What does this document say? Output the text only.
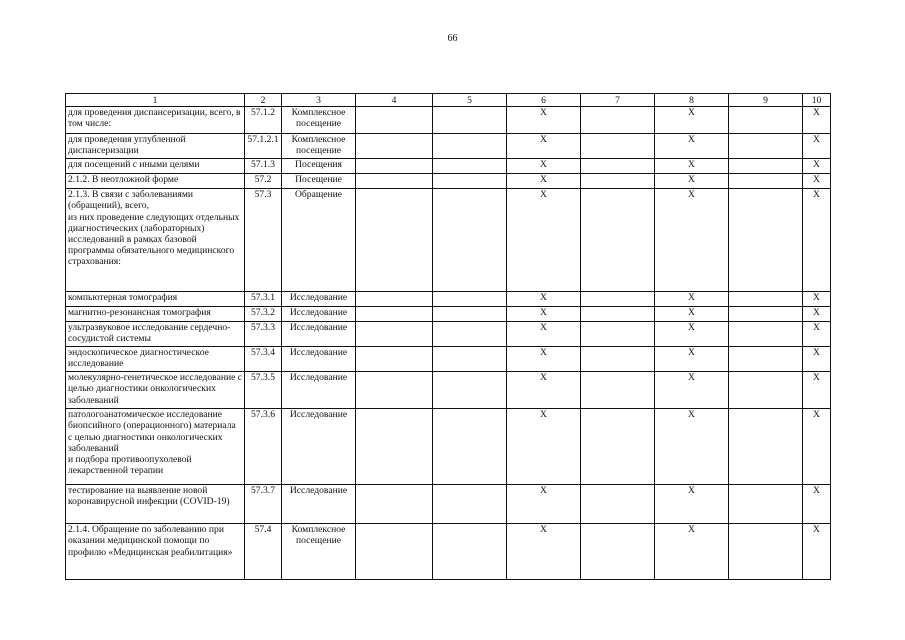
66
1	2	3	4	5	6	7	8	9	10
для проведения диспансеризации, всего, в том числе:	57.1.2	Комплексное посещение			X		X		X
для проведения углубленной диспансеризации	57.1.2.1	Комплексное посещение			X		X		X
для посещений с иными целями	57.1.3	Посещения			X		X		X
2.1.2. В неотложной форме	57.2	Посещение			X		X		X
2.1.3. В связи с заболеваниями (обращений), всего,
из них проведение следующих отдельных диагностических (лабораторных) исследований в рамках базовой программы обязательного медицинского страхования:	57.3	Обращение			X		X		X
компьютерная томография	57.3.1	Исследование			X		X		X
магнитно-резонансная томография	57.3.2	Исследование			X		X		X
ультразвуковое исследование сердечно-сосудистой системы	57.3.3	Исследование			X		X		X
эндоскопическое диагностическое исследование	57.3.4	Исследование			X		X		X
молекулярно-генетическое исследование с целью диагностики онкологических заболеваний	57.3.5	Исследование			X		X		X
патологоанатомическое исследование биопсийного (операционного) материала с целью диагностики онкологических заболеваний
и подбора противоопухолевой лекарственной терапии	57.3.6	Исследование			X		X		X
тестирование на выявление новой коронавирусной инфекции (COVID-19)	57.3.7	Исследование			X		X		X
2.1.4. Обращение по заболеванию при оказании медицинской помощи по профилю «Медицинская реабилитация»	57.4	Комплексное посещение			X		X		X
